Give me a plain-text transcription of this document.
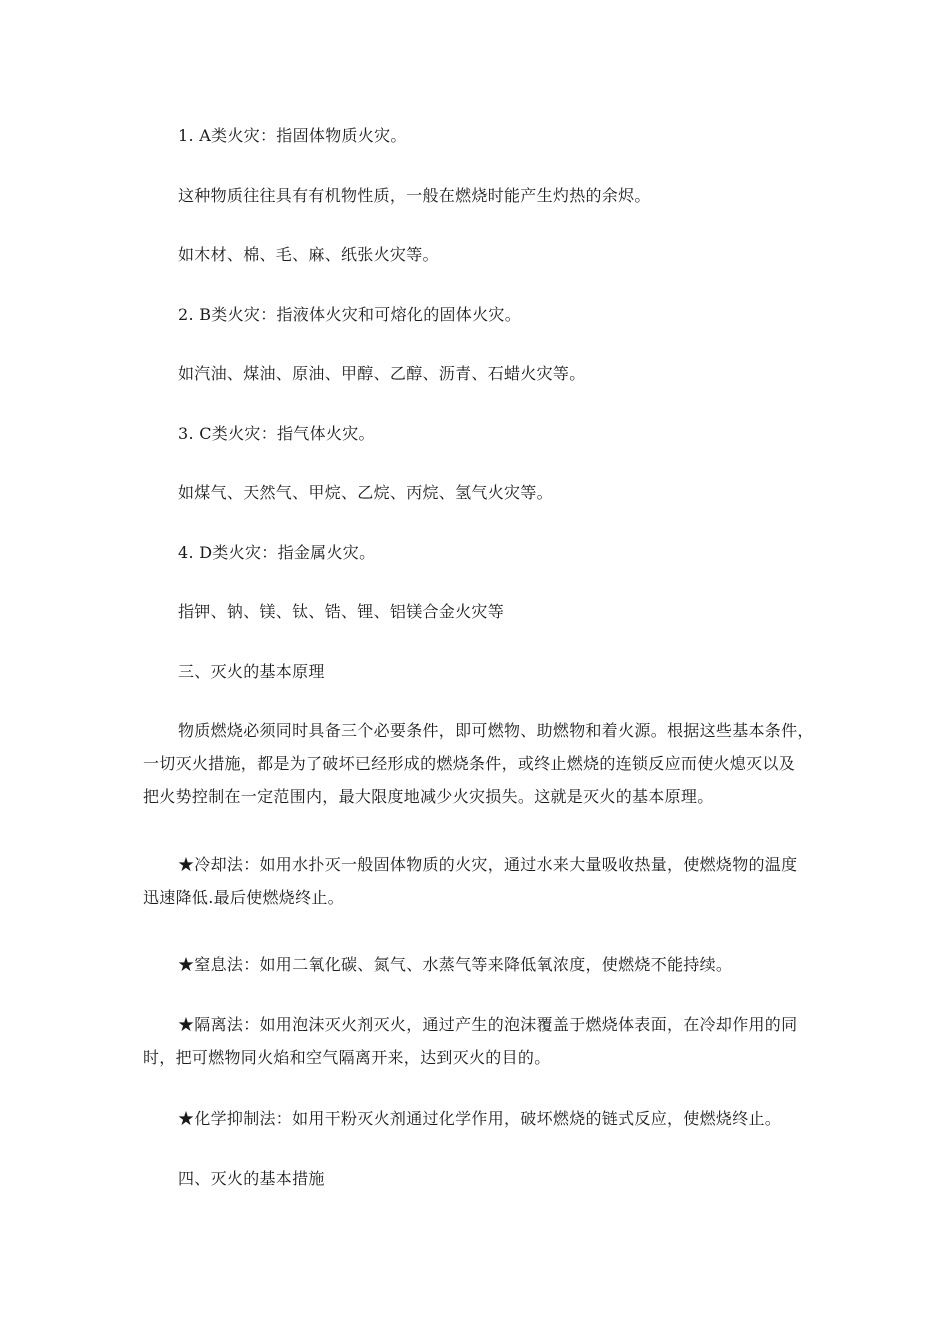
1. A类火灾：指固体物质火灾。
这种物质往往具有有机物性质，一般在燃烧时能产生灼热的余烬。
如木材、棉、毛、麻、纸张火灾等。
2. B类火灾：指液体火灾和可熔化的固体火灾。
如汽油、煤油、原油、甲醇、乙醇、沥青、石蜡火灾等。
3. C类火灾：指气体火灾。
如煤气、天然气、甲烷、乙烷、丙烷、氢气火灾等。
4. D类火灾：指金属火灾。
指钾、钠、镁、钛、锆、锂、铝镁合金火灾等
三、灭火的基本原理
物质燃烧必须同时具备三个必要条件，即可燃物、助燃物和着火源。根据这些基本条件，
一切灭火措施，都是为了破坏已经形成的燃烧条件，或终止燃烧的连锁反应而使火熄灭以及
把火势控制在一定范围内，最大限度地减少火灾损失。这就是灭火的基本原理。
★冷却法：如用水扑灭一般固体物质的火灾，通过水来大量吸收热量，使燃烧物的温度
迅速降低.最后使燃烧终止。
★窒息法：如用二氧化碳、氮气、水蒸气等来降低氧浓度，使燃烧不能持续。
★隔离法：如用泡沫灭火剂灭火，通过产生的泡沫覆盖于燃烧体表面，在冷却作用的同
时，把可燃物同火焰和空气隔离开来，达到灭火的目的。
★化学抑制法：如用干粉灭火剂通过化学作用，破坏燃烧的链式反应，使燃烧终止。
四、灭火的基本措施
